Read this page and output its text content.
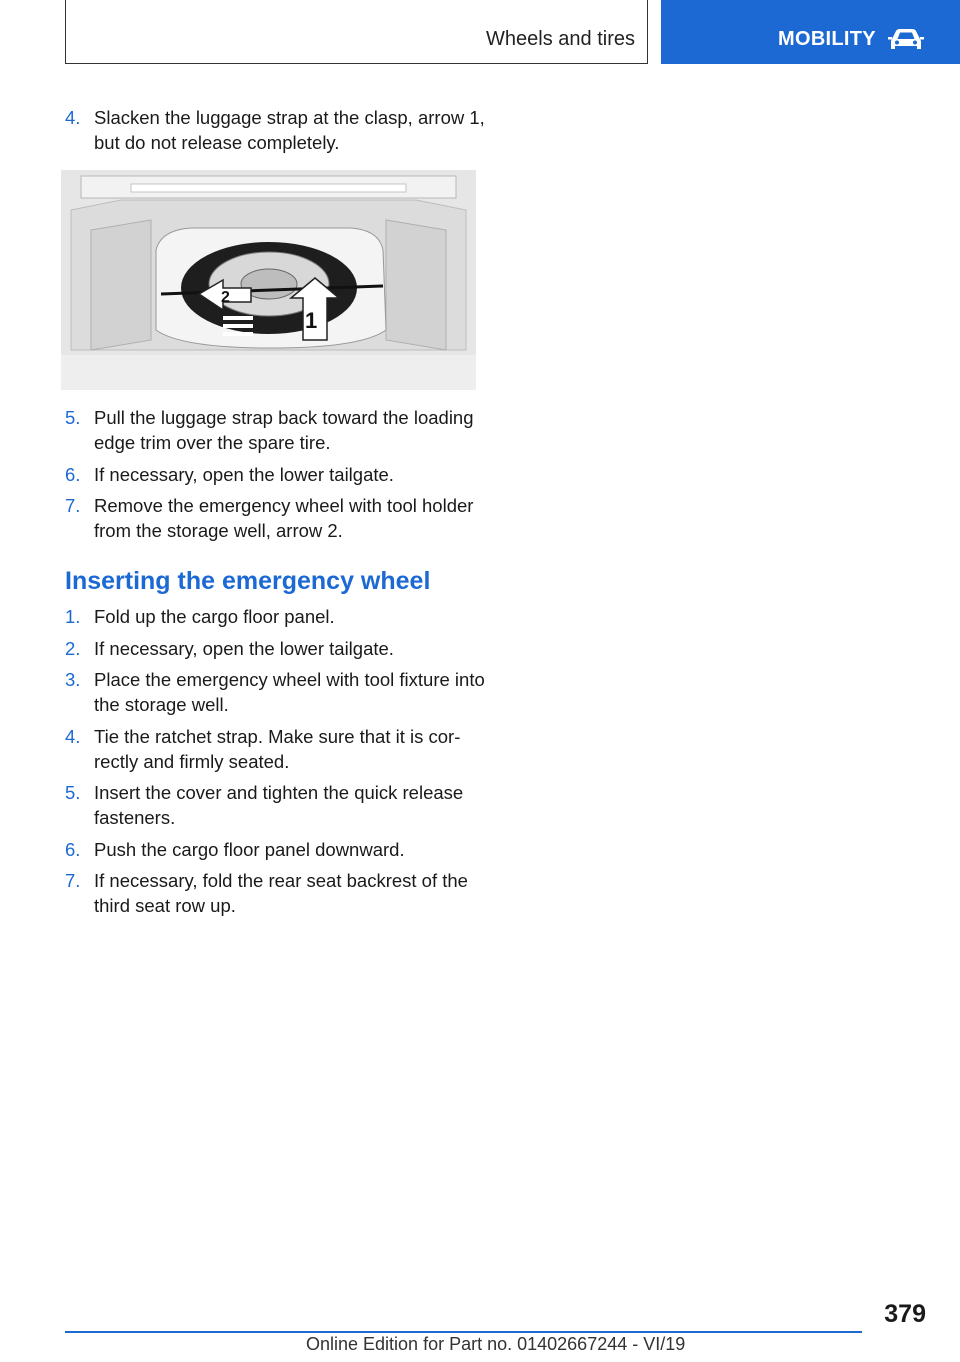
Wheels and tires	MOBILITY
4. Slacken the luggage strap at the clasp, arrow 1, but do not release completely.
1
2
5. Pull the luggage strap back toward the loading edge trim over the spare tire.
6. If necessary, open the lower tailgate.
7. Remove the emergency wheel with tool holder from the storage well, arrow 2.
Inserting the emergency wheel
1. Fold up the cargo floor panel.
2. If necessary, open the lower tailgate.
3. Place the emergency wheel with tool fixture into the storage well.
4. Tie the ratchet strap. Make sure that it is correctly and firmly seated.
5. Insert the cover and tighten the quick release fasteners.
6. Push the cargo floor panel downward.
7. If necessary, fold the rear seat backrest of the third seat row up.
379
Online Edition for Part no. 01402667244 - VI/19
